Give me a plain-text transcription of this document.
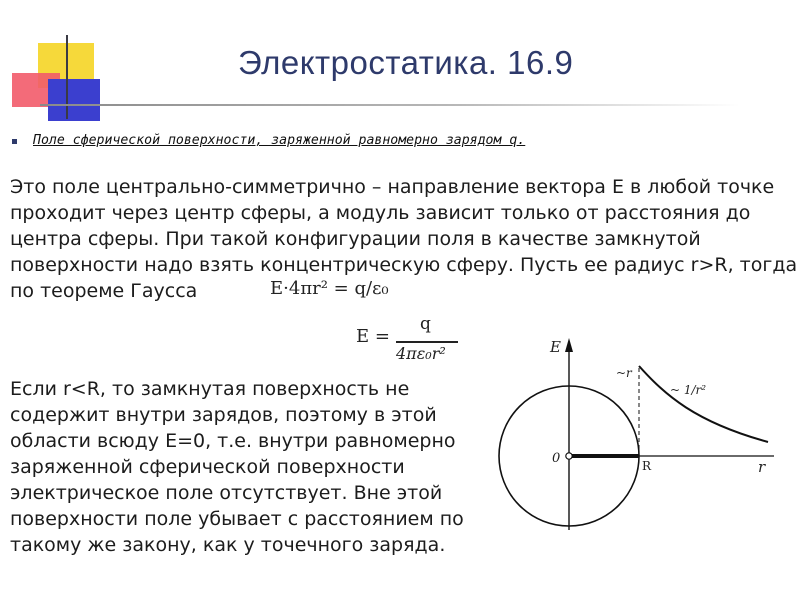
Электростатика. 16.9
Поле сферической поверхности, заряженной равномерно зарядом q.

Это поле центрально-симметрично – направление вектора E в любой точке проходит через центр сферы, а модуль зависит только от расстояния до центра сферы. При такой конфигурации поля в качестве замкнутой поверхности надо взять концентрическую сферу. Пусть ее радиус r>R, тогда по теореме Гаусса	E·4πr² = q/ε₀
E =
q
4πε₀r²

Если r<R, то замкнутая поверхность не содержит внутри зарядов, поэтому в этой области всюду E=0, т.е. внутри равномерно заряженной сферической поверхности электрическое поле отсутствует. Вне этой поверхности поле убывает с расстоянием по такому же закону, как у точечного заряда.

E
r
0	R
~r
~ 1/r²
